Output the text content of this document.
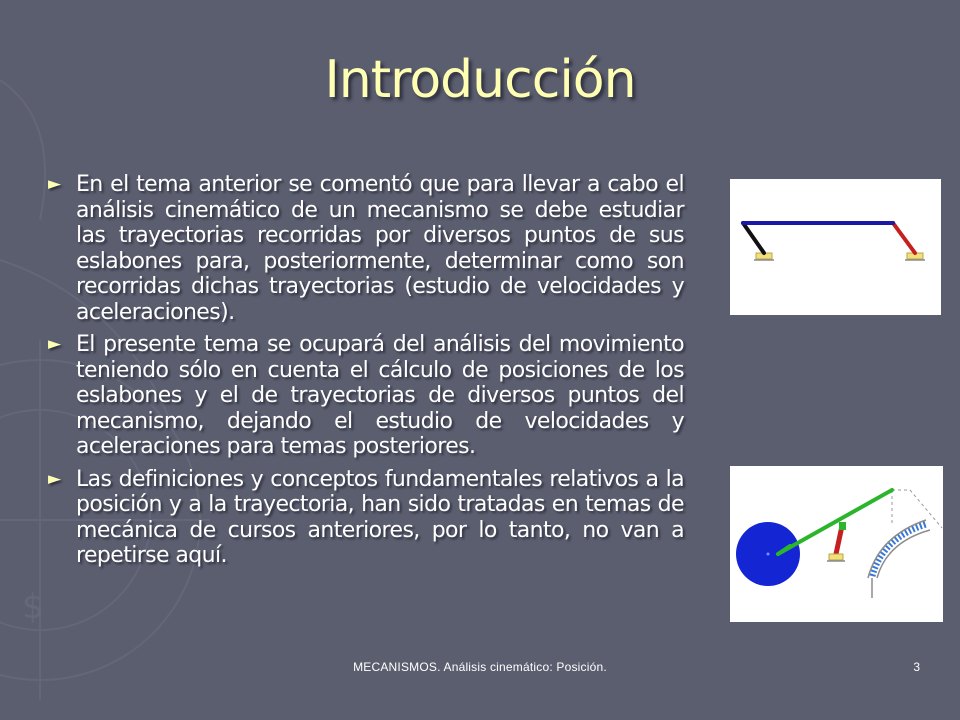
$
Introducción
► En el tema anterior se comentó que para llevar a cabo el análisis cinemático de un mecanismo se debe estudiar las trayectorias recorridas por diversos puntos de sus eslabones para, posteriormente, determinar como son recorridas dichas trayectorias (estudio de velocidades y aceleraciones).
► El presente tema se ocupará del análisis del movimiento teniendo sólo en cuenta el cálculo de posiciones de los eslabones y el de trayectorias de diversos puntos del mecanismo, dejando el estudio de velocidades y aceleraciones para temas posteriores.
► Las definiciones y conceptos fundamentales relativos a la posición y a la trayectoria, han sido tratadas en temas de mecánica de cursos anteriores, por lo tanto, no van a repetirse aquí.
MECANISMOS. Análisis cinemático: Posición.	3
